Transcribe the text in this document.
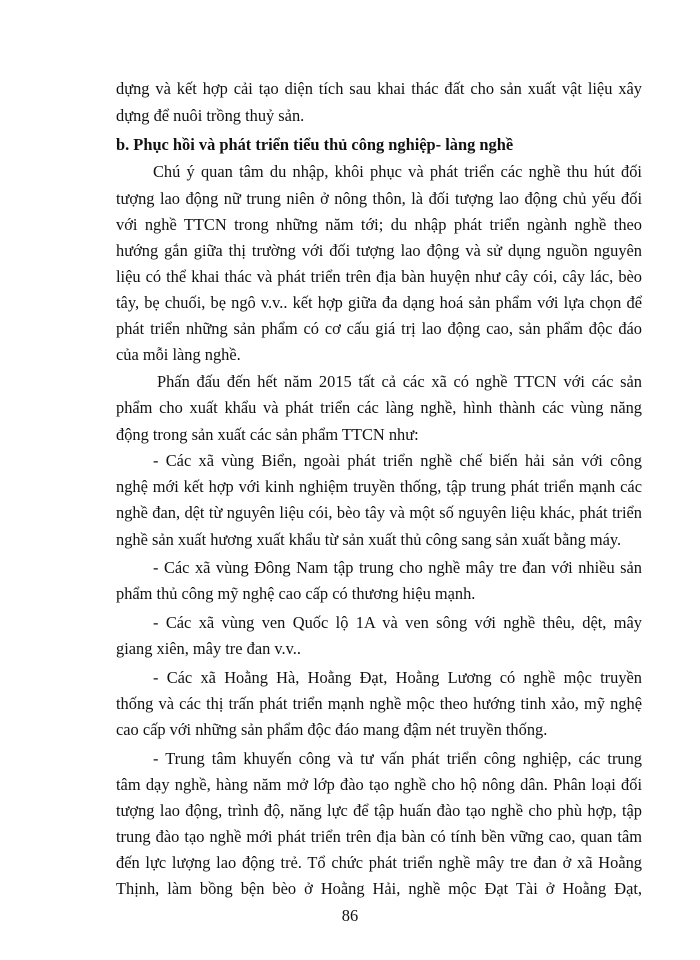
dựng và kết hợp cải tạo diện tích sau khai thác đất cho sản xuất vật liệu xây
dựng để nuôi trồng thuỷ sản.
b. Phục hồi và phát triển tiểu thủ công nghiệp- làng nghề
Chú ý quan tâm du nhập, khôi phục và phát triển các nghề thu hút đối
tượng lao động nữ trung niên ở nông thôn, là đối tượng lao động chủ yếu đối
với nghề TTCN trong những năm tới; du nhập phát triển ngành nghề theo
hướng gắn giữa thị trường với đối tượng lao động và sử dụng nguồn nguyên
liệu có thể khai thác và phát triển trên địa bàn huyện như cây cói, cây lác, bèo
tây, bẹ chuối, bẹ ngô v.v.. kết hợp giữa đa dạng hoá sản phẩm với lựa chọn để
phát triển những sản phẩm có cơ cấu giá trị lao động cao, sản phẩm độc đáo
của mỗi làng nghề.
Phấn đấu đến hết năm 2015 tất cả các xã có nghề TTCN với các sản
phẩm cho xuất khẩu và phát triển các làng nghề, hình thành các vùng năng
động trong sản xuất các sản phẩm TTCN như:
- Các xã vùng Biển, ngoài phát triển nghề chế biến hải sản với công
nghệ mới kết hợp với kinh nghiệm truyền thống, tập trung phát triển mạnh các
nghề đan, dệt từ nguyên liệu cói, bèo tây và một số nguyên liệu khác, phát triển
nghề sản xuất hương xuất khẩu từ sản xuất thủ công sang sản xuất bằng máy.
- Các xã vùng Đông Nam tập trung cho nghề mây tre đan với nhiều sản
phẩm thủ công mỹ nghệ cao cấp có thương hiệu mạnh.
- Các xã vùng ven Quốc lộ 1A và ven sông với nghề thêu, dệt, mây
giang xiên, mây tre đan v.v..
- Các xã Hoằng Hà, Hoằng Đạt, Hoằng Lương có nghề mộc truyền
thống và các thị trấn phát triển mạnh nghề mộc theo hướng tinh xảo, mỹ nghệ
cao cấp với những sản phẩm độc đáo mang đậm nét truyền thống.
- Trung tâm khuyến công và tư vấn phát triển công nghiệp, các trung
tâm dạy nghề, hàng năm mở lớp đào tạo nghề cho hộ nông dân. Phân loại đối
tượng lao động, trình độ, năng lực để tập huấn đào tạo nghề cho phù hợp, tập
trung đào tạo nghề mới phát triển trên địa bàn có tính bền vững cao, quan tâm
đến lực lượng lao động trẻ. Tổ chức phát triển nghề mây tre đan ở xã Hoằng
Thịnh, làm bồng bện bèo ở Hoằng Hải, nghề mộc Đạt Tài ở Hoằng Đạt,
86
